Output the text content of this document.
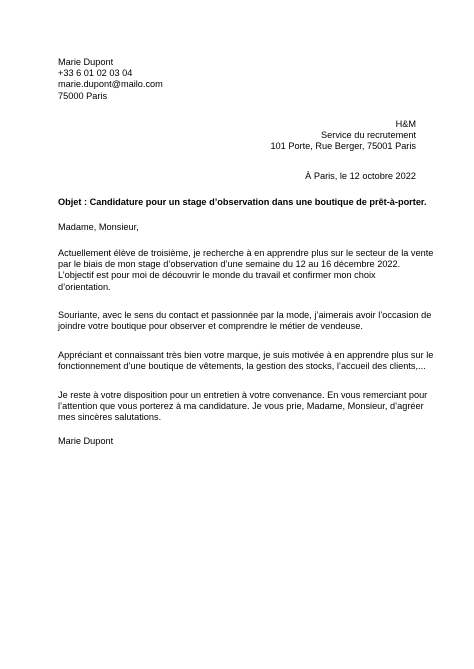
Marie Dupont
+33 6 01 02 03 04
marie.dupont@mailo.com
75000 Paris
H&M
Service du recrutement
101 Porte, Rue Berger, 75001 Paris
À Paris, le 12 octobre 2022
Objet : Candidature pour un stage d’observation dans une boutique de prêt-à-porter.
Madame, Monsieur,
Actuellement élève de troisième, je recherche à en apprendre plus sur le secteur de la vente
par le biais de mon stage d’observation d’une semaine du 12 au 16 décembre 2022.
L’objectif est pour moi de découvrir le monde du travail et confirmer mon choix
d’orientation.
Souriante, avec le sens du contact et passionnée par la mode, j’aimerais avoir l’occasion de
joindre votre boutique pour observer et comprendre le métier de vendeuse.
Appréciant et connaissant très bien votre marque, je suis motivée à en apprendre plus sur le
fonctionnement d’une boutique de vêtements, la gestion des stocks, l’accueil des clients,...
Je reste à votre disposition pour un entretien à votre convenance. En vous remerciant pour
l’attention que vous porterez à ma candidature. Je vous prie, Madame, Monsieur, d’agréer
mes sincères salutations.
Marie Dupont
